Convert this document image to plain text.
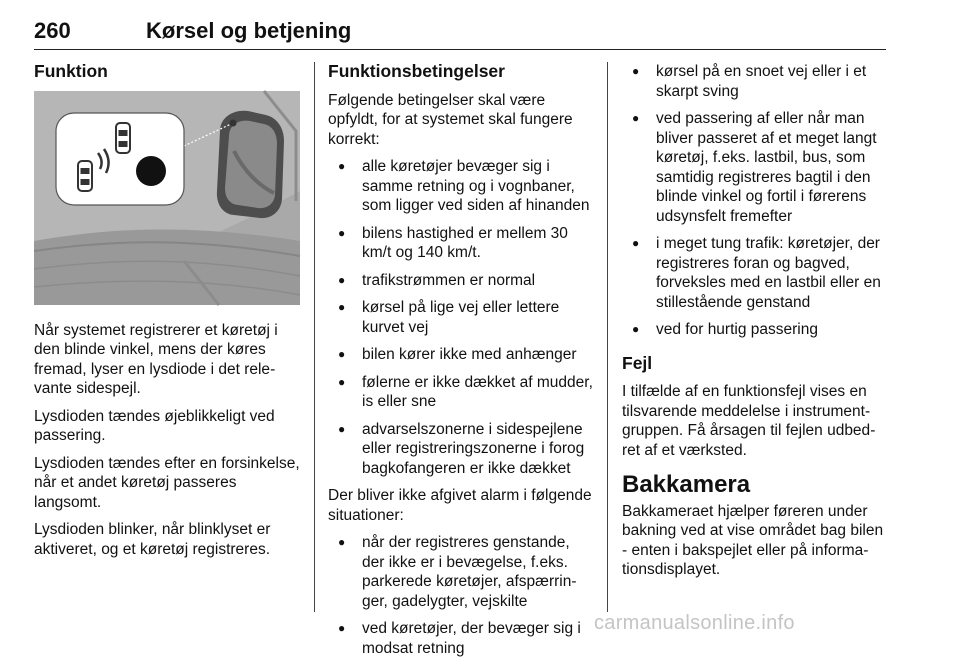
260	Kørsel og betjening
Funktion

Når systemet registrerer et køretøj i den blinde vinkel, mens der køres fremad, lyser en lysdiode i det relevante sidespejl.

Lysdioden tændes øjeblikkeligt ved passering.

Lysdioden tændes efter en forsinkelse, når et andet køretøj passeres langsomt.

Lysdioden blinker, når blinklyset er aktiveret, og et køretøj registreres.

Funktionsbetingelser

Følgende betingelser skal være opfyldt, for at systemet skal fungere korrekt:

● alle køretøjer bevæger sig i samme retning og i vognbaner, som ligger ved siden af hinanden
● bilens hastighed er mellem 30 km/t og 140 km/t.
● trafikstrømmen er normal
● kørsel på lige vej eller lettere kurvet vej
● bilen kører ikke med anhænger
● følerne er ikke dækket af mudder, is eller sne
● advarselszonerne i sidespejlene eller registreringszonerne i forog bagkofangeren er ikke dækket

Der bliver ikke afgivet alarm i følgende situationer:

● når der registreres genstande, der ikke er i bevægelse, f.eks. parkerede køretøjer, afspærringer, gadelygter, vejskilte
● ved køretøjer, der bevæger sig i modsat retning
● kørsel på en snoet vej eller i et skarpt sving
● ved passering af eller når man bliver passeret af et meget langt køretøj, f.eks. lastbil, bus, som samtidig registreres bagtil i den blinde vinkel og fortil i førerens udsynsfelt fremefter
● i meget tung trafik: køretøjer, der registreres foran og bagved, forveksles med en lastbil eller en stillestående genstand
● ved for hurtig passering
Fejl

I tilfælde af en funktionsfejl vises en tilsvarende meddelelse i instrumentgruppen. Få årsagen til fejlen udbedret af et værksted.

Bakkamera

Bakkameraet hjælper føreren under bakning ved at vise området bag bilen - enten i bakspejlet eller på informationsdisplayet.

carmanualsonline.info
